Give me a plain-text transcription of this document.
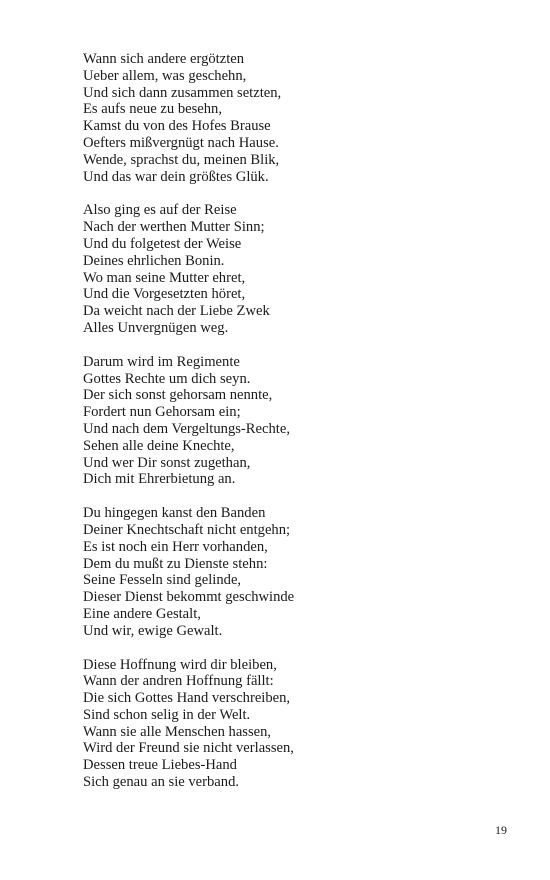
Wann sich andere ergötzten
Ueber allem, was geschehn,
Und sich dann zusammen setzten,
Es aufs neue zu besehn,
Kamst du von des Hofes Brause
Oefters mißvergnügt nach Hause.
Wende, sprachst du, meinen Blik,
Und das war dein größtes Glük.
Also ging es auf der Reise
Nach der werthen Mutter Sinn;
Und du folgetest der Weise
Deines ehrlichen Bonin.
Wo man seine Mutter ehret,
Und die Vorgesetzten höret,
Da weicht nach der Liebe Zwek
Alles Unvergnügen weg.
Darum wird im Regimente
Gottes Rechte um dich seyn.
Der sich sonst gehorsam nennte,
Fordert nun Gehorsam ein;
Und nach dem Vergeltungs-Rechte,
Sehen alle deine Knechte,
Und wer Dir sonst zugethan,
Dich mit Ehrerbietung an.
Du hingegen kanst den Banden
Deiner Knechtschaft nicht entgehn;
Es ist noch ein Herr vorhanden,
Dem du mußt zu Dienste stehn:
Seine Fesseln sind gelinde,
Dieser Dienst bekommt geschwinde
Eine andere Gestalt,
Und wir, ewige Gewalt.
Diese Hoffnung wird dir bleiben,
Wann der andren Hoffnung fällt:
Die sich Gottes Hand verschreiben,
Sind schon selig in der Welt.
Wann sie alle Menschen hassen,
Wird der Freund sie nicht verlassen,
Dessen treue Liebes-Hand
Sich genau an sie verband.
19
